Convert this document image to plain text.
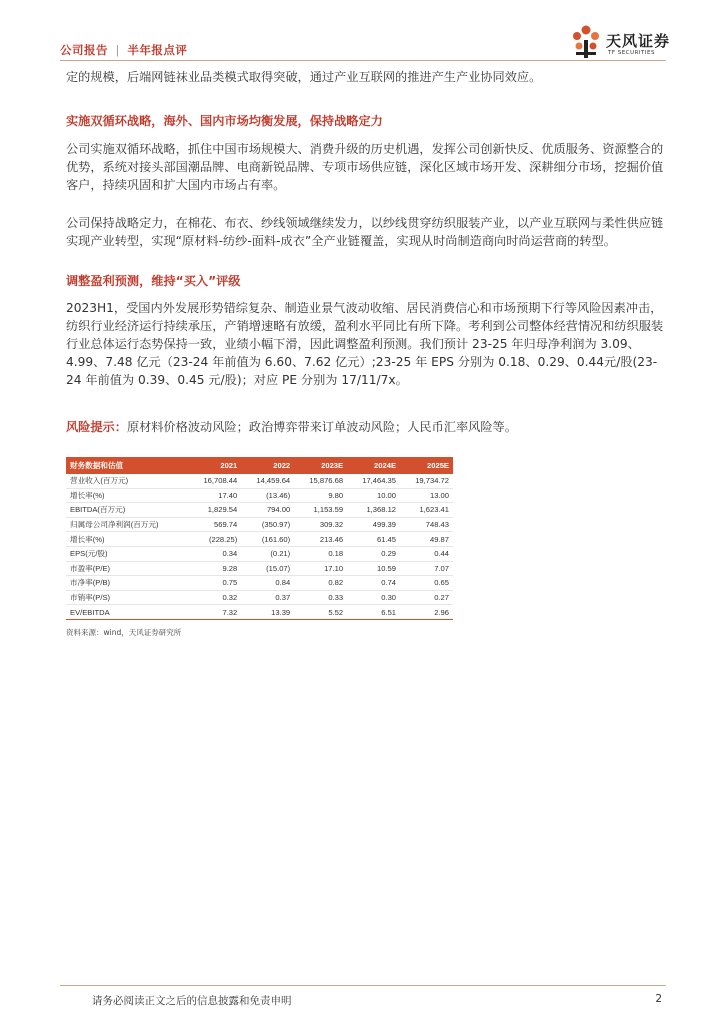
公司报告 | 半年报点评	天风证券
TF SECURITIES

定的规模，后端网链袜业品类模式取得突破，通过产业互联网的推进产生产业协同效应。

实施双循环战略，海外、国内市场均衡发展，保持战略定力

公司实施双循环战略，抓住中国市场规模大、消费升级的历史机遇，发挥公司创新快反、优质服务、资源整合的优势，系统对接头部国潮品牌、电商新锐品牌、专项市场供应链，深化区域市场开发、深耕细分市场，挖掘价值客户，持续巩固和扩大国内市场占有率。

公司保持战略定力，在棉花、布衣、纱线领域继续发力，以纱线贯穿纺织服装产业，以产业互联网与柔性供应链实现产业转型，实现“原材料-纺纱-面料-成衣”全产业链覆盖，实现从时尚制造商向时尚运营商的转型。

调整盈利预测，维持“买入”评级

2023H1，受国内外发展形势错综复杂、制造业景气波动收缩、居民消费信心和市场预期下行等风险因素冲击，纺织行业经济运行持续承压，产销增速略有放缓，盈利水平同比有所下降。考利到公司整体经营情况和纺织服装行业总体运行态势保持一致，业绩小幅下滑，因此调整盈利预测。我们预计 23-25 年归母净利润为 3.09、4.99、7.48 亿元（23-24 年前值为 6.60、7.62 亿元）;23-25 年 EPS 分别为 0.18、0.29、0.44元/股(23-24 年前值为 0.39、0.45 元/股)；对应 PE 分别为 17/11/7x。

风险提示：原材料价格波动风险；政治博弈带来订单波动风险；人民币汇率风险等。

财务数据和估值	2021	2022	2023E	2024E	2025E
营业收入(百万元)	16,708.44	14,459.64	15,876.68	17,464.35	19,734.72
增长率(%)	17.40	(13.46)	9.80	10.00	13.00
EBITDA(百万元)	1,829.54	794.00	1,153.59	1,368.12	1,623.41
归属母公司净利润(百万元)	569.74	(350.97)	309.32	499.39	748.43
增长率(%)	(228.25)	(161.60)	213.46	61.45	49.87
EPS(元/股)	0.34	(0.21)	0.18	0.29	0.44
市盈率(P/E)	9.28	(15.07)	17.10	10.59	7.07
市净率(P/B)	0.75	0.84	0.82	0.74	0.65
市销率(P/S)	0.32	0.37	0.33	0.30	0.27
EV/EBITDA	7.32	13.39	5.52	6.51	2.96
资料来源：wind，天风证券研究所
请务必阅读正文之后的信息披露和免责申明	2
